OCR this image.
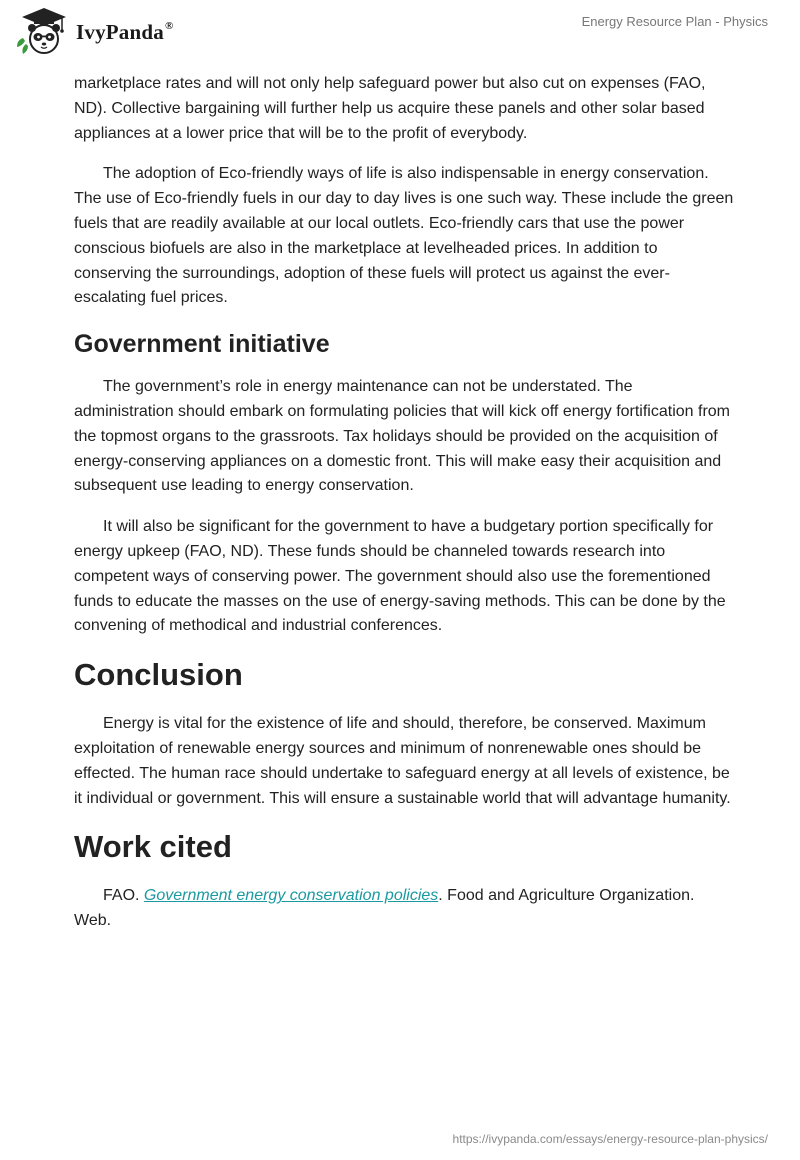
IvyPanda®	Energy Resource Plan - Physics

marketplace rates and will not only help safeguard power but also cut on expenses (FAO, ND). Collective bargaining will further help us acquire these panels and other solar based appliances at a lower price that will be to the profit of everybody.

The adoption of Eco-friendly ways of life is also indispensable in energy conservation. The use of Eco-friendly fuels in our day to day lives is one such way. These include the green fuels that are readily available at our local outlets. Eco-friendly cars that use the power conscious biofuels are also in the marketplace at levelheaded prices. In addition to conserving the surroundings, adoption of these fuels will protect us against the ever-escalating fuel prices.

Government initiative

The government’s role in energy maintenance can not be understated. The administration should embark on formulating policies that will kick off energy fortification from the topmost organs to the grassroots. Tax holidays should be provided on the acquisition of energy-conserving appliances on a domestic front. This will make easy their acquisition and subsequent use leading to energy conservation.

It will also be significant for the government to have a budgetary portion specifically for energy upkeep (FAO, ND). These funds should be channeled towards research into competent ways of conserving power. The government should also use the forementioned funds to educate the masses on the use of energy-saving methods. This can be done by the convening of methodical and industrial conferences.

Conclusion

Energy is vital for the existence of life and should, therefore, be conserved. Maximum exploitation of renewable energy sources and minimum of nonrenewable ones should be effected. The human race should undertake to safeguard energy at all levels of existence, be it individual or government. This will ensure a sustainable world that will advantage humanity.

Work cited

FAO. Government energy conservation policies. Food and Agriculture Organization. Web.

https://ivypanda.com/essays/energy-resource-plan-physics/
